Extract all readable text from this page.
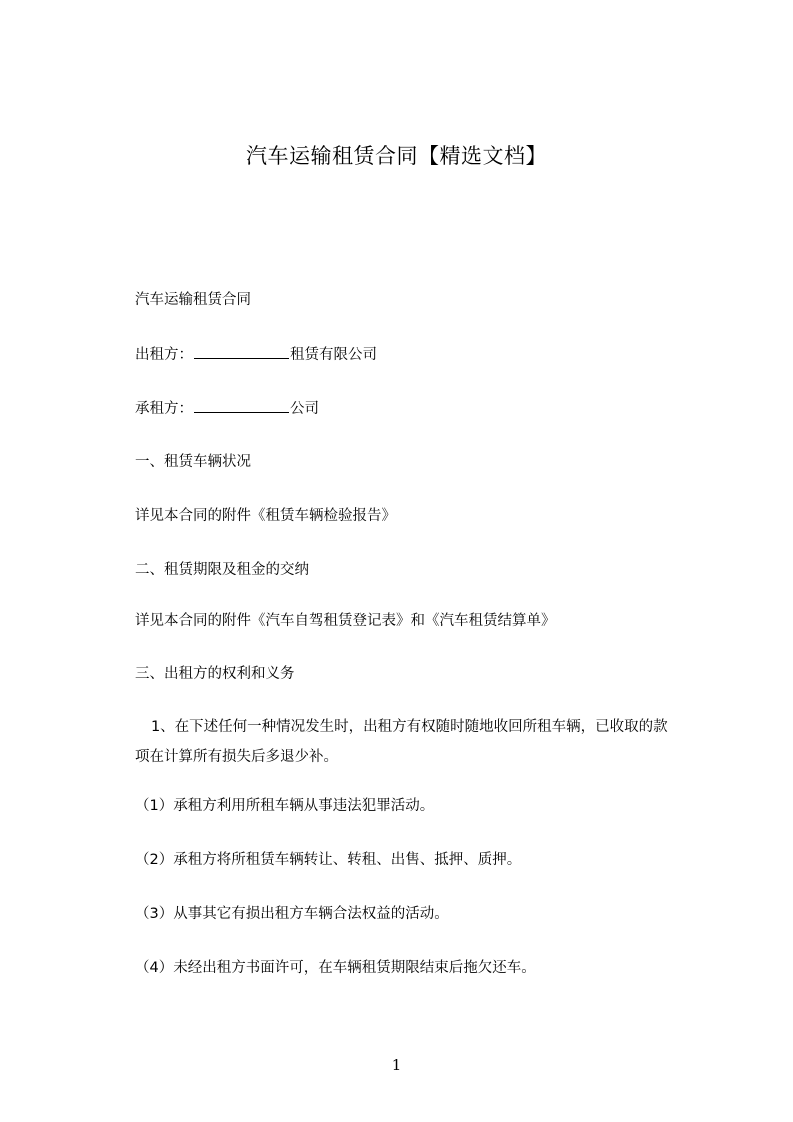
汽车运输租赁合同【精选文档】
汽车运输租赁合同
出租方：	租赁有限公司
承租方：	公司
一、租赁车辆状况
详见本合同的附件《租赁车辆检验报告》
二、租赁期限及租金的交纳
详见本合同的附件《汽车自驾租赁登记表》和《汽车租赁结算单》
三、出租方的权利和义务
1、在下述任何一种情况发生时，出租方有权随时随地收回所租车辆，已收取的款
项在计算所有损失后多退少补。
（1）承租方利用所租车辆从事违法犯罪活动。
（2）承租方将所租赁车辆转让、转租、出售、抵押、质押。
（3）从事其它有损出租方车辆合法权益的活动。
（4）未经出租方书面许可，在车辆租赁期限结束后拖欠还车。
1
